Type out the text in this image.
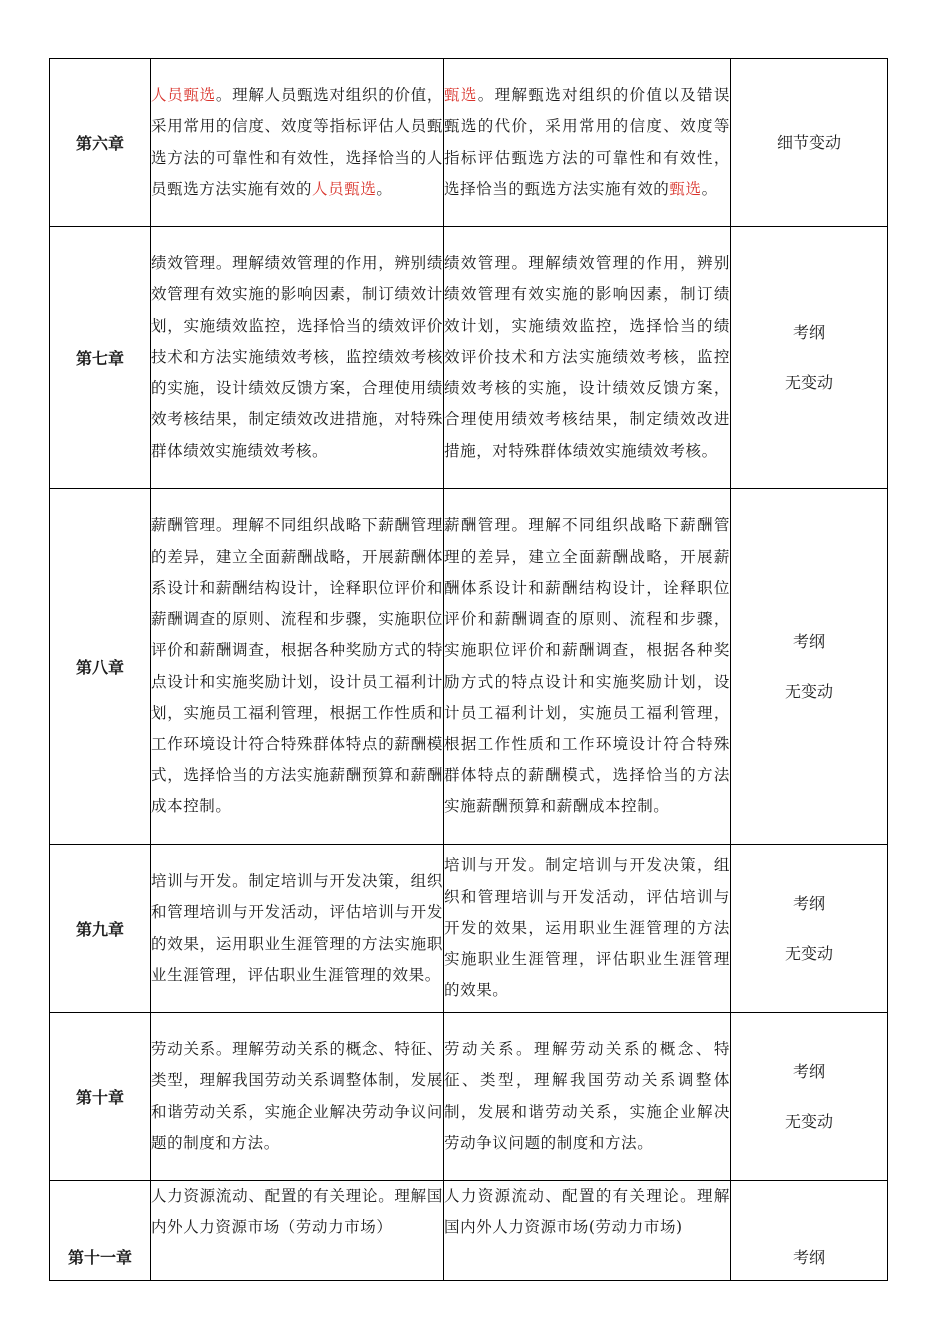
第六章	人员甄选。理解人员甄选对组织的价值，采用常用的信度、效度等指标评估人员甄选方法的可靠性和有效性，选择恰当的人员甄选方法实施有效的人员甄选。	甄选。理解甄选对组织的价值以及错误甄选的代价，采用常用的信度、效度等指标评估甄选方法的可靠性和有效性，选择恰当的甄选方法实施有效的甄选。	细节变动

第七章	绩效管理。理解绩效管理的作用，辨别绩效管理有效实施的影响因素，制订绩效计划，实施绩效监控，选择恰当的绩效评价技术和方法实施绩效考核，监控绩效考核的实施，设计绩效反馈方案，合理使用绩效考核结果，制定绩效改进措施，对特殊群体绩效实施绩效考核。	绩效管理。理解绩效管理的作用，辨别绩效管理有效实施的影响因素，制订绩效计划，实施绩效监控，选择恰当的绩效评价技术和方法实施绩效考核，监控绩效考核的实施，设计绩效反馈方案，合理使用绩效考核结果，制定绩效改进措施，对特殊群体绩效实施绩效考核。	考纲
无变动

第八章	薪酬管理。理解不同组织战略下薪酬管理的差异，建立全面薪酬战略，开展薪酬体系设计和薪酬结构设计，诠释职位评价和薪酬调查的原则、流程和步骤，实施职位评价和薪酬调查，根据各种奖励方式的特点设计和实施奖励计划，设计员工福利计划，实施员工福利管理，根据工作性质和工作环境设计符合特殊群体特点的薪酬模式，选择恰当的方法实施薪酬预算和薪酬成本控制。	薪酬管理。理解不同组织战略下薪酬管理的差异，建立全面薪酬战略，开展薪酬体系设计和薪酬结构设计，诠释职位评价和薪酬调查的原则、流程和步骤，实施职位评价和薪酬调查，根据各种奖励方式的特点设计和实施奖励计划，设计员工福利计划，实施员工福利管理，根据工作性质和工作环境设计符合特殊群体特点的薪酬模式，选择恰当的方法实施薪酬预算和薪酬成本控制。	考纲
无变动

第九章	培训与开发。制定培训与开发决策，组织和管理培训与开发活动，评估培训与开发的效果，运用职业生涯管理的方法实施职业生涯管理，评估职业生涯管理的效果。	培训与开发。制定培训与开发决策，组织和管理培训与开发活动，评估培训与开发的效果，运用职业生涯管理的方法实施职业生涯管理，评估职业生涯管理的效果。	考纲
无变动

第十章	劳动关系。理解劳动关系的概念、特征、类型，理解我国劳动关系调整体制，发展和谐劳动关系，实施企业解决劳动争议问题的制度和方法。	劳动关系。理解劳动关系的概念、特征、类型，理解我国劳动关系调整体制，发展和谐劳动关系，实施企业解决劳动争议问题的制度和方法。	考纲
无变动

第十一章	人力资源流动、配置的有关理论。理解国内外人力资源市场（劳动力市场）	人力资源流动、配置的有关理论。理解国内外人力资源市场(劳动力市场)	考纲
